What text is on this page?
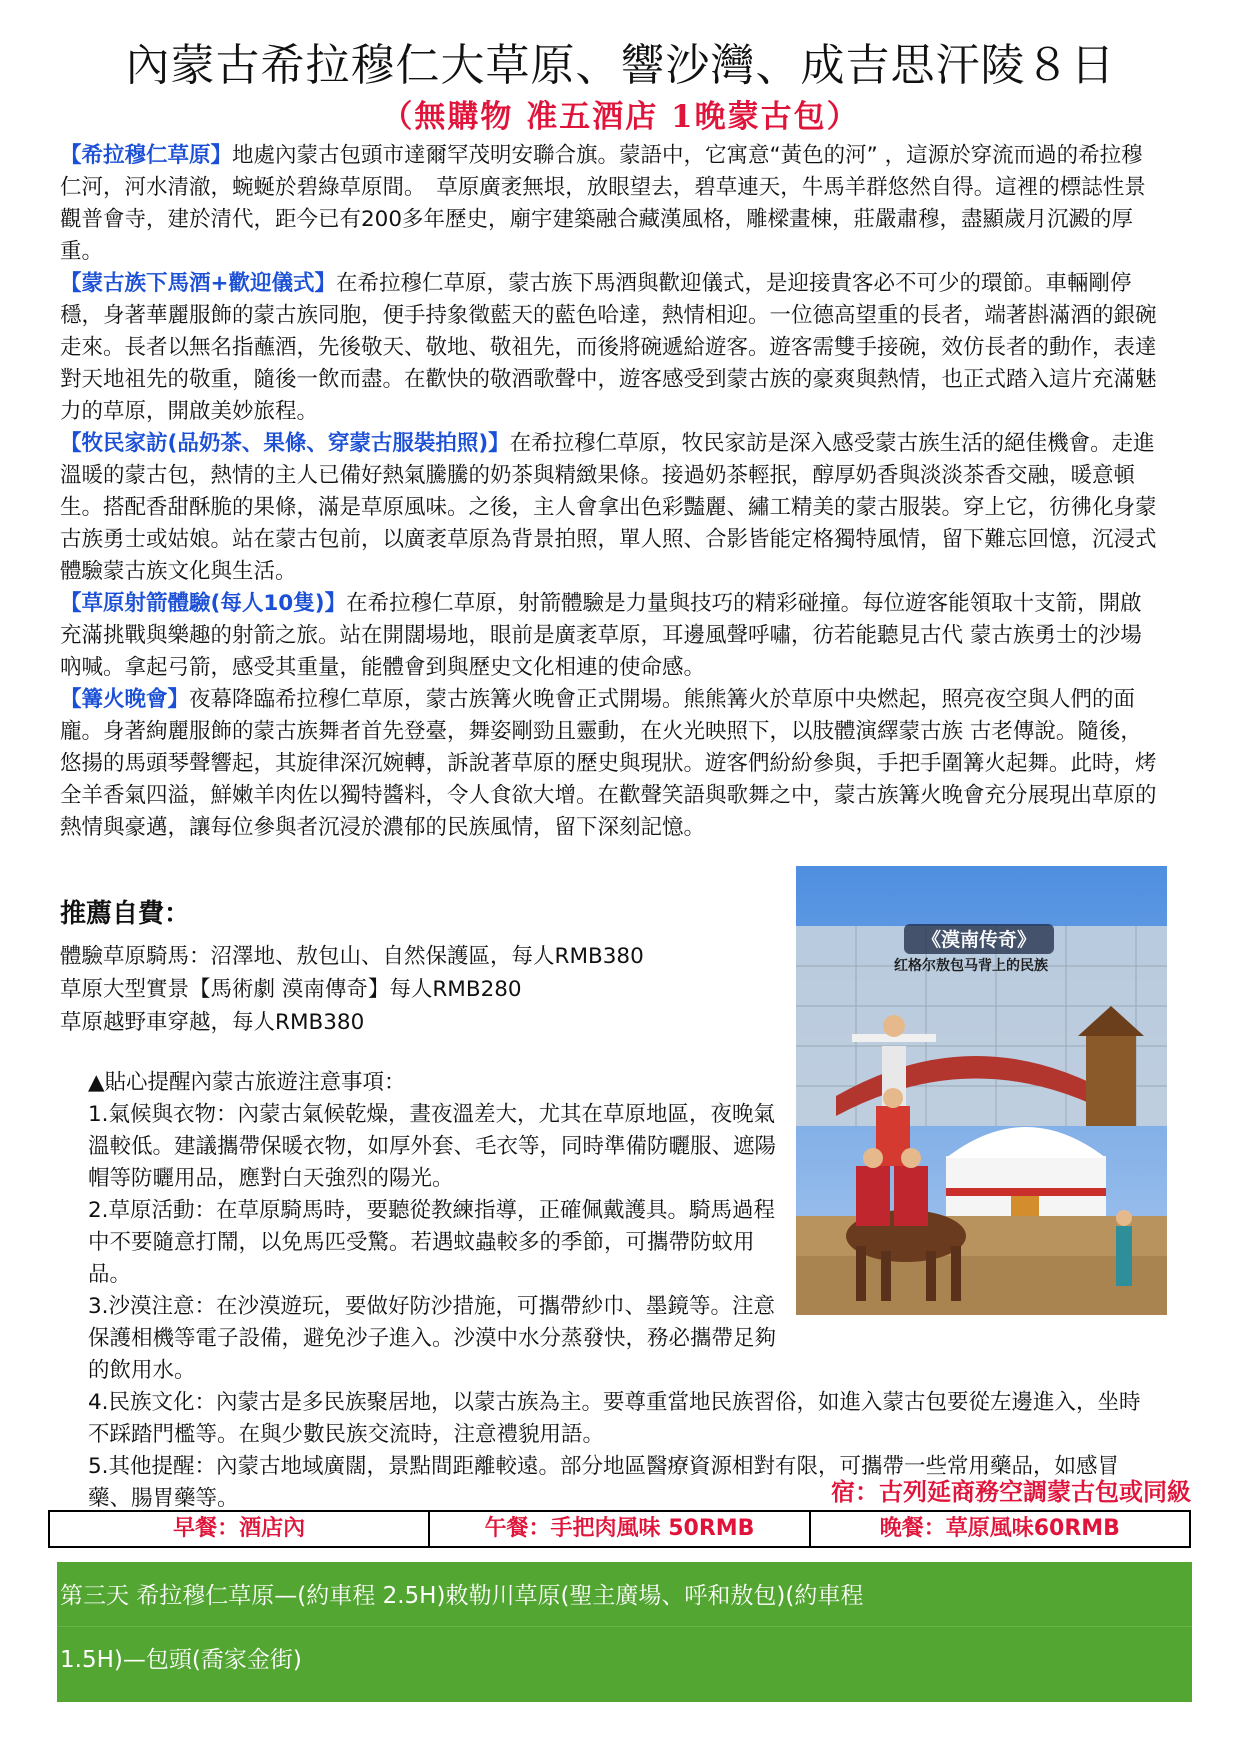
內蒙古希拉穆仁大草原、響沙灣、成吉思汗陵８日
（無購物 准五酒店 1晚蒙古包）

【希拉穆仁草原】地處內蒙古包頭市達爾罕茂明安聯合旗。蒙語中，它寓意“黃色的河” ，這源於穿流而過的希拉穆仁河，河水清澈，蜿蜒於碧綠草原間。　草原廣袤無垠，放眼望去，碧草連天，牛馬羊群悠然自得。這裡的標誌性景觀普會寺，建於清代，距今已有200多年歷史，廟宇建築融合藏漢風格，雕樑畫棟，莊嚴肅穆，盡顯歲月沉澱的厚重。

【蒙古族下馬酒+歡迎儀式】在希拉穆仁草原，蒙古族下馬酒與歡迎儀式，是迎接貴客必不可少的環節。車輛剛停穩，身著華麗服飾的蒙古族同胞，便手持象徵藍天的藍色哈達，熱情相迎。一位德高望重的長者，端著斟滿酒的銀碗走來。長者以無名指蘸酒，先後敬天、敬地、敬祖先，而後將碗遞給遊客。遊客需雙手接碗，效仿長者的動作，表達對天地祖先的敬重，隨後一飲而盡。在歡快的敬酒歌聲中，遊客感受到蒙古族的豪爽與熱情，也正式踏入這片充滿魅力的草原，開啟美妙旅程。

【牧民家訪(品奶茶、果條、穿蒙古服裝拍照)】在希拉穆仁草原，牧民家訪是深入感受蒙古族生活的絕佳機會。走進溫暖的蒙古包，熱情的主人已備好熱氣騰騰的奶茶與精緻果條。接過奶茶輕抿，醇厚奶香與淡淡茶香交融，暖意頓生。搭配香甜酥脆的果條，滿是草原風味。之後，主人會拿出色彩豔麗、繡工精美的蒙古服裝。穿上它，彷彿化身蒙古族勇士或姑娘。站在蒙古包前，以廣袤草原為背景拍照，單人照、合影皆能定格獨特風情，留下難忘回憶，沉浸式體驗蒙古族文化與生活。

【草原射箭體驗(每人10隻)】在希拉穆仁草原，射箭體驗是力量與技巧的精彩碰撞。每位遊客能領取十支箭，開啟充滿挑戰與樂趣的射箭之旅。站在開闊場地，眼前是廣袤草原，耳邊風聲呼嘯，彷若能聽見古代 蒙古族勇士的沙場吶喊。拿起弓箭，感受其重量，能體會到與歷史文化相連的使命感。

【篝火晚會】夜幕降臨希拉穆仁草原，蒙古族篝火晚會正式開場。熊熊篝火於草原中央燃起，照亮夜空與人們的面龐。身著絢麗服飾的蒙古族舞者首先登臺，舞姿剛勁且靈動，在火光映照下，以肢體演繹蒙古族 古老傳說。隨後，悠揚的馬頭琴聲響起，其旋律深沉婉轉，訴說著草原的歷史與現狀。遊客們紛紛參與，手把手圍篝火起舞。此時，烤全羊香氣四溢，鮮嫩羊肉佐以獨特醬料，令人食欲大增。在歡聲笑語與歌舞之中，蒙古族篝火晚會充分展現出草原的熱情與豪邁，讓每位參與者沉浸於濃郁的民族風情，留下深刻記憶。

《漠南传奇》
红格尔敖包马背上的民族
推薦自費：
體驗草原騎馬：沼澤地、敖包山、自然保護區，每人RMB380
草原大型實景【馬術劇 漠南傳奇】每人RMB280
草原越野車穿越，每人RMB380
▲貼心提醒內蒙古旅遊注意事項：
1.氣候與衣物：內蒙古氣候乾燥，晝夜溫差大，尤其在草原地區，夜晚氣溫較低。建議攜帶保暖衣物，如厚外套、毛衣等，同時準備防曬服、遮陽帽等防曬用品，應對白天強烈的陽光。
2.草原活動：在草原騎馬時，要聽從教練指導，正確佩戴護具。騎馬過程中不要隨意打鬧，以免馬匹受驚。若遇蚊蟲較多的季節，可攜帶防蚊用品。
3.沙漠注意：在沙漠遊玩，要做好防沙措施，可攜帶紗巾、墨鏡等。注意保護相機等電子設備，避免沙子進入。沙漠中水分蒸發快，務必攜帶足夠的飲用水。
4.民族文化：內蒙古是多民族聚居地，以蒙古族為主。要尊重當地民族習俗，如進入蒙古包要從左邊進入，坐時不踩踏門檻等。在與少數民族交流時，注意禮貌用語。
5.其他提醒：內蒙古地域廣闊，景點間距離較遠。部分地區醫療資源相對有限，可攜帶一些常用藥品，如感冒藥、腸胃藥等。	宿：古列延商務空調蒙古包或同級
早餐：酒店內	午餐：手把肉風味 50RMB	晚餐：草原風味60RMB
第三天 希拉穆仁草原—(約車程 2.5H)敕勒川草原(聖主廣場、呼和敖包)(約車程
1.5H)—包頭(喬家金街)
